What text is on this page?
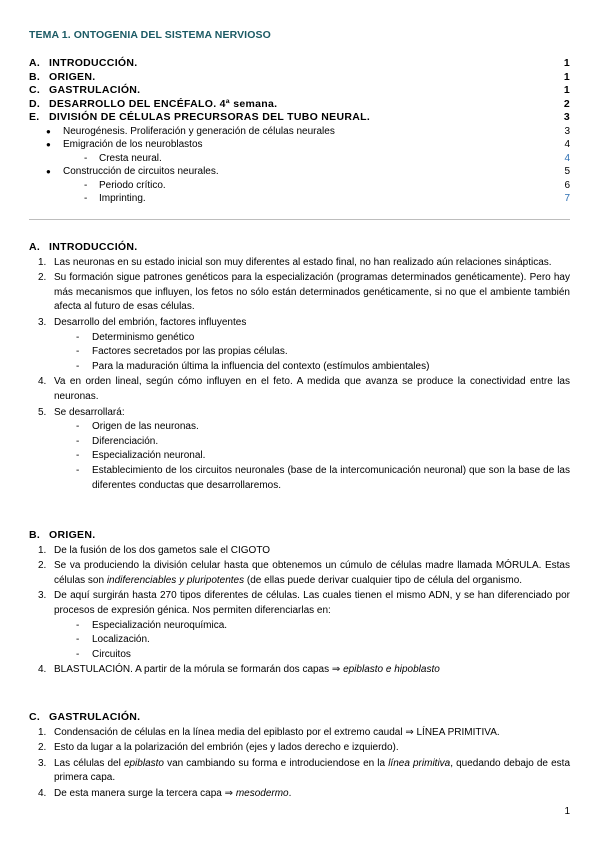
TEMA 1. ONTOGENIA DEL SISTEMA NERVIOSO
A. INTRODUCCIÓN.	1
B. ORIGEN.	1
C. GASTRULACIÓN.	1
D. DESARROLLO DEL ENCÉFALO. 4ª semana.	2
E. DIVISIÓN DE CÉLULAS PRECURSORAS DEL TUBO NEURAL.	3
● Neurogénesis. Proliferación y generación de células neurales	3
● Emigración de los neuroblastos	4
- Cresta neural.	4
● Construcción de circuitos neurales.	5
- Periodo crítico.	6
- Imprinting.	7
A. INTRODUCCIÓN.
1. Las neuronas en su estado inicial son muy diferentes al estado final, no han realizado aún relaciones sinápticas.
2. Su formación sigue patrones genéticos para la especialización (programas determinados genéticamente). Pero hay más mecanismos que influyen, los fetos no sólo están determinados genéticamente, si no que el ambiente también afecta al futuro de esas células.
3. Desarrollo del embrión, factores influyentes
- Determinismo genético
- Factores secretados por las propias células.
- Para la maduración última la influencia del contexto (estímulos ambientales)
4. Va en orden lineal, según cómo influyen en el feto. A medida que avanza se produce la conectividad entre las neuronas.
5. Se desarrollará:
- Origen de las neuronas.
- Diferenciación.
- Especialización neuronal.
- Establecimiento de los circuitos neuronales (base de la intercomunicación neuronal) que son la base de las diferentes conductas que desarrollaremos.
B. ORIGEN.
1. De la fusión de los dos gametos sale el CIGOTO
2. Se va produciendo la división celular hasta que obtenemos un cúmulo de células madre llamada MÓRULA. Estas células son indiferenciables y pluripotentes (de ellas puede derivar cualquier tipo de célula del organismo.
3. De aquí surgirán hasta 270 tipos diferentes de células. Las cuales tienen el mismo ADN, y se han diferenciado por procesos de expresión génica. Nos permiten diferenciarlas en:
- Especialización neuroquímica.
- Localización.
- Circuitos
4. BLASTULACIÓN. A partir de la mórula se formarán dos capas ⇒ epiblasto e hipoblasto
C. GASTRULACIÓN.
1. Condensación de células en la línea media del epiblasto por el extremo caudal ⇒ LÍNEA PRIMITIVA.
2. Esto da lugar a la polarización del embrión (ejes y lados derecho e izquierdo).
3. Las células del epiblasto van cambiando su forma e introduciendose en la línea primitiva, quedando debajo de esta primera capa.
4. De esta manera surge la tercera capa ⇒ mesodermo.
1
